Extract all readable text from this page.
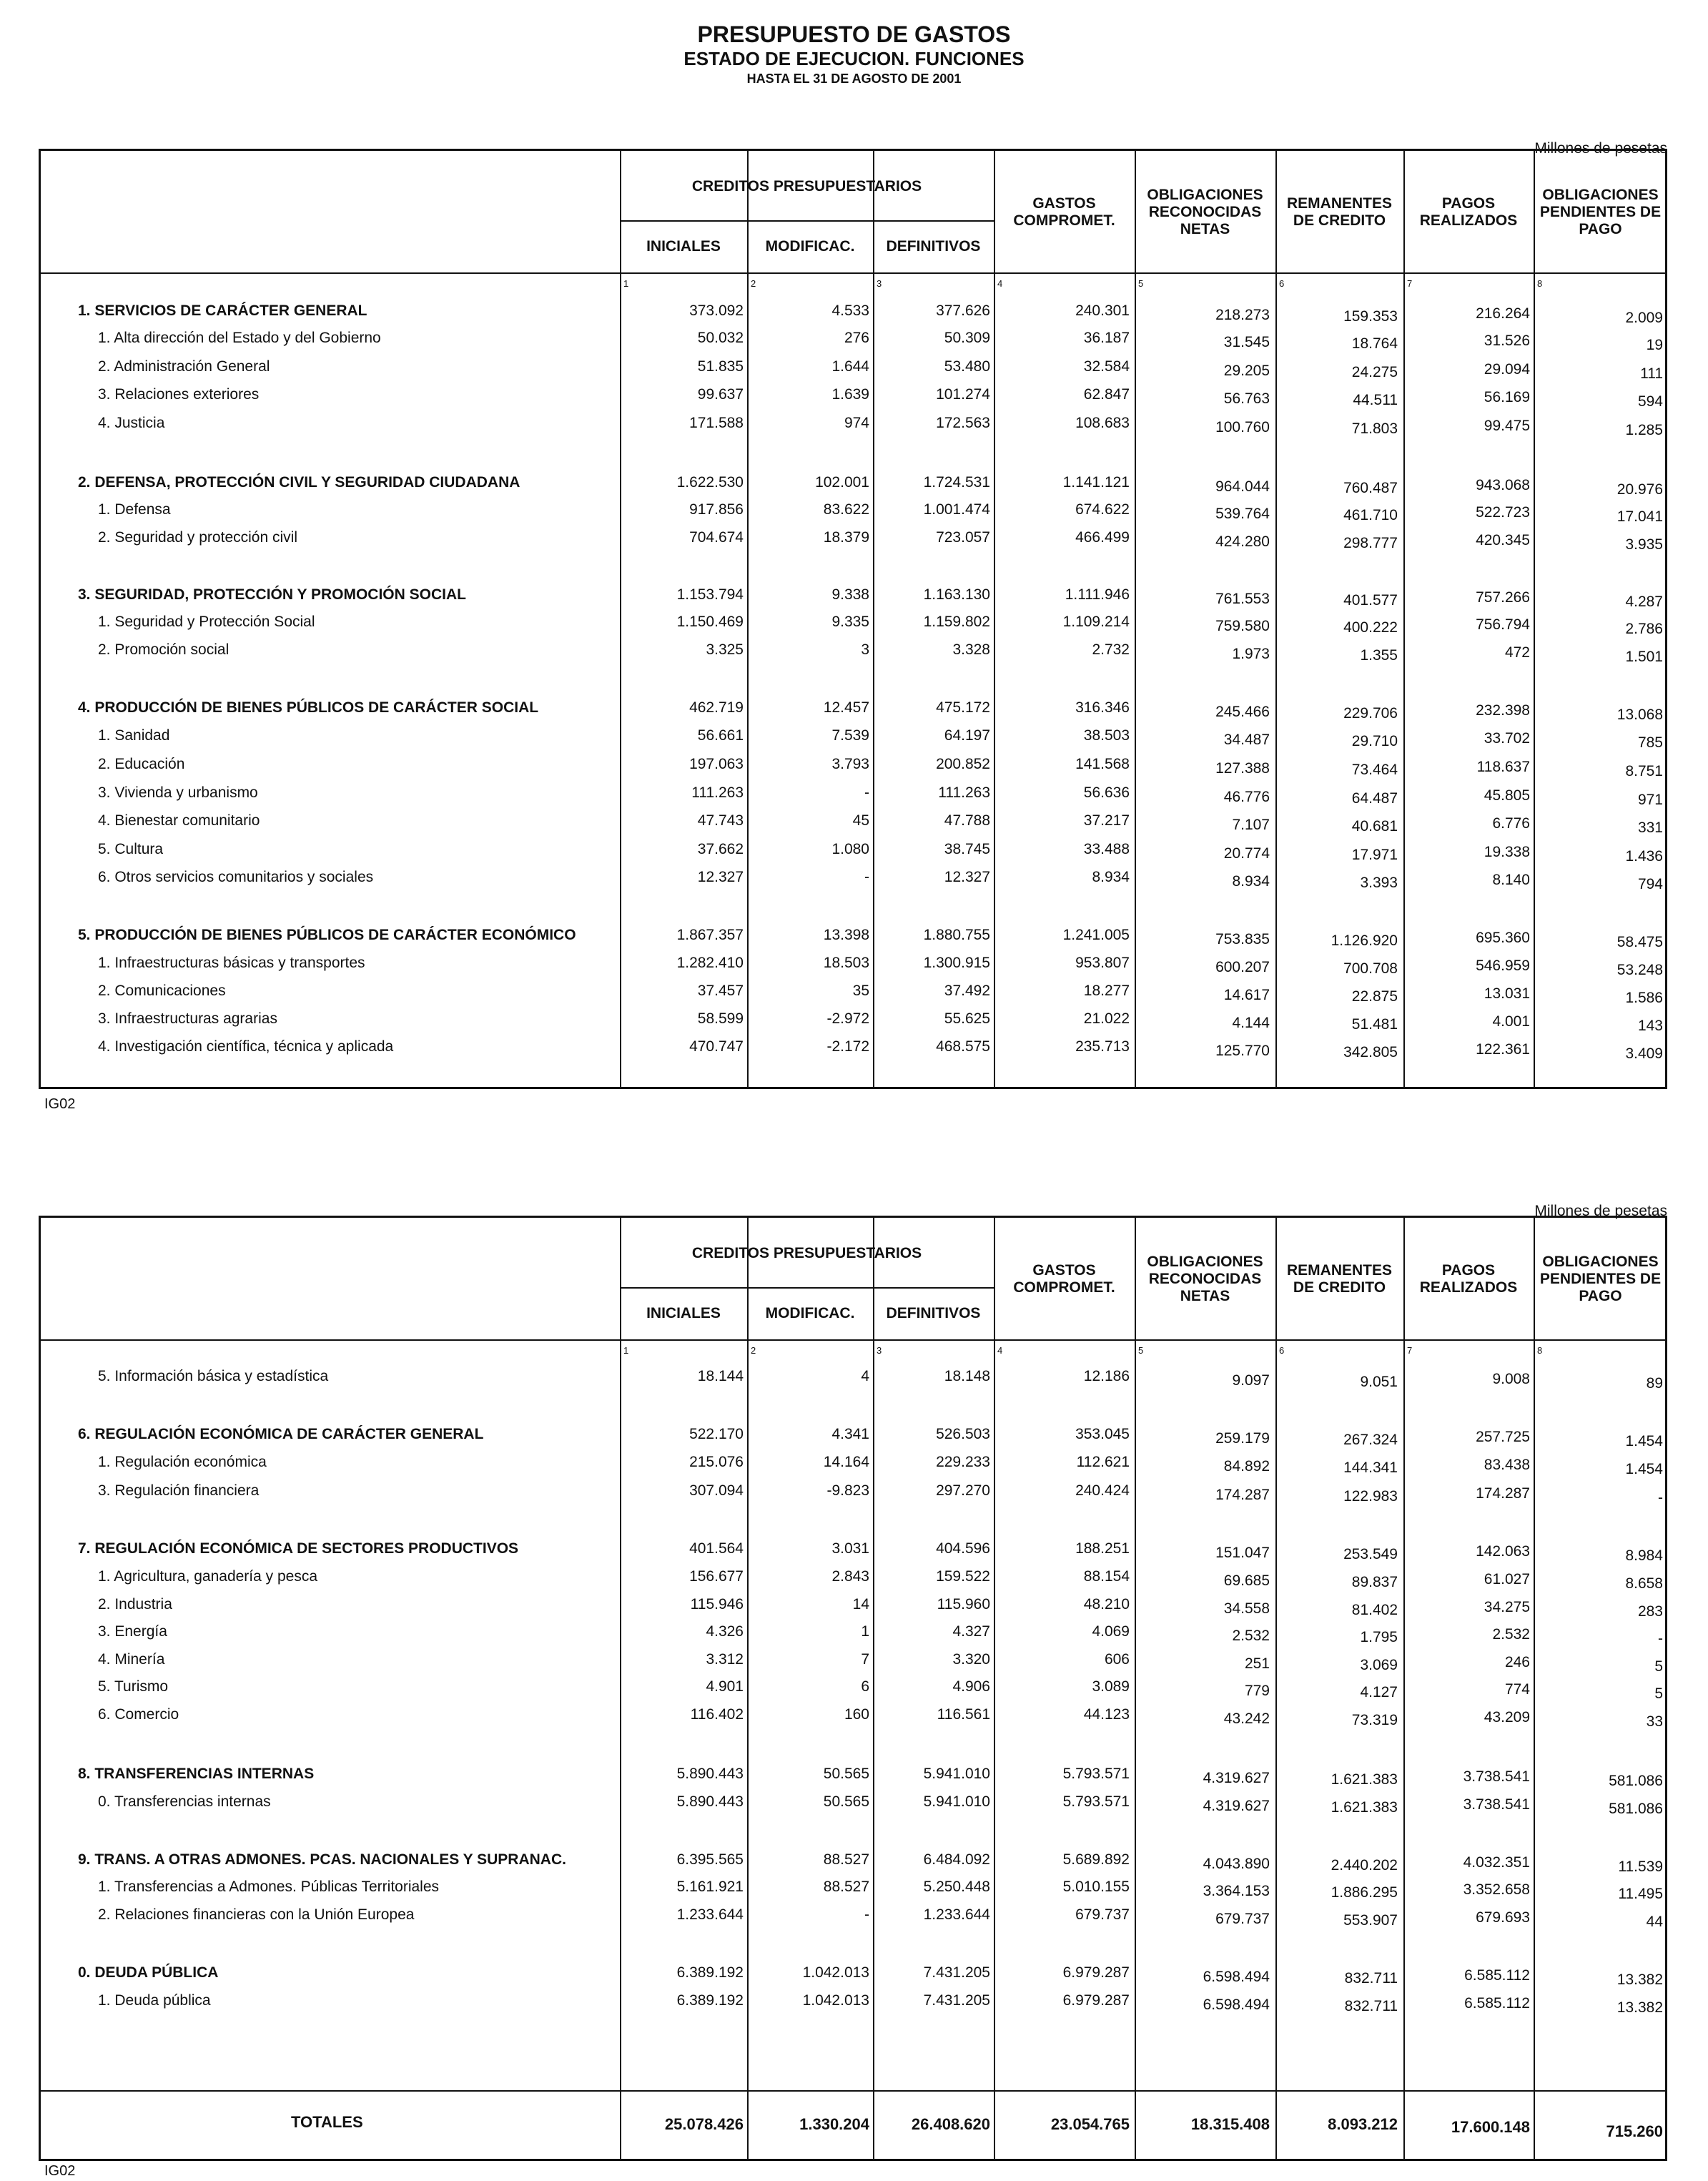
PRESUPUESTO DE GASTOS
ESTADO DE EJECUCION. FUNCIONES
HASTA EL 31 DE AGOSTO DE 2001
Millones de pesetas
CREDITOS PRESUPUESTARIOS
INICIALES	MODIFICAC.	DEFINITIVOS
GASTOS COMPROMET.
OBLIGACIONES RECONOCIDAS NETAS
REMANENTES DE CREDITO
PAGOS REALIZADOS
OBLIGACIONES PENDIENTES DE PAGO
1	2	3	4	5	6	7	8
1. SERVICIOS DE CARÁCTER GENERAL	373.092	4.533	377.626	240.301	218.273	159.353	216.264	2.009
1. Alta dirección del Estado y del Gobierno	50.032	276	50.309	36.187	31.545	18.764	31.526	19
2. Administración General	51.835	1.644	53.480	32.584	29.205	24.275	29.094	111
3. Relaciones exteriores	99.637	1.639	101.274	62.847	56.763	44.511	56.169	594
4. Justicia	171.588	974	172.563	108.683	100.760	71.803	99.475	1.285
2. DEFENSA, PROTECCIÓN CIVIL Y SEGURIDAD CIUDADANA	1.622.530	102.001	1.724.531	1.141.121	964.044	760.487	943.068	20.976
1. Defensa	917.856	83.622	1.001.474	674.622	539.764	461.710	522.723	17.041
2. Seguridad y protección civil	704.674	18.379	723.057	466.499	424.280	298.777	420.345	3.935
3. SEGURIDAD, PROTECCIÓN Y PROMOCIÓN SOCIAL	1.153.794	9.338	1.163.130	1.111.946	761.553	401.577	757.266	4.287
1. Seguridad y Protección Social	1.150.469	9.335	1.159.802	1.109.214	759.580	400.222	756.794	2.786
2. Promoción social	3.325	3	3.328	2.732	1.973	1.355	472	1.501
4. PRODUCCIÓN DE BIENES PÚBLICOS DE CARÁCTER SOCIAL	462.719	12.457	475.172	316.346	245.466	229.706	232.398	13.068
1. Sanidad	56.661	7.539	64.197	38.503	34.487	29.710	33.702	785
2. Educación	197.063	3.793	200.852	141.568	127.388	73.464	118.637	8.751
3. Vivienda y urbanismo	111.263	-	111.263	56.636	46.776	64.487	45.805	971
4. Bienestar comunitario	47.743	45	47.788	37.217	7.107	40.681	6.776	331
5. Cultura	37.662	1.080	38.745	33.488	20.774	17.971	19.338	1.436
6. Otros servicios comunitarios y sociales	12.327	-	12.327	8.934	8.934	3.393	8.140	794
5. PRODUCCIÓN DE BIENES PÚBLICOS DE CARÁCTER ECONÓMICO	1.867.357	13.398	1.880.755	1.241.005	753.835	1.126.920	695.360	58.475
1. Infraestructuras básicas y transportes	1.282.410	18.503	1.300.915	953.807	600.207	700.708	546.959	53.248
2. Comunicaciones	37.457	35	37.492	18.277	14.617	22.875	13.031	1.586
3. Infraestructuras agrarias	58.599	-2.972	55.625	21.022	4.144	51.481	4.001	143
4. Investigación científica, técnica y aplicada	470.747	-2.172	468.575	235.713	125.770	342.805	122.361	3.409
IG02
Millones de pesetas
CREDITOS PRESUPUESTARIOS
INICIALES	MODIFICAC.	DEFINITIVOS
GASTOS COMPROMET.
OBLIGACIONES RECONOCIDAS NETAS
REMANENTES DE CREDITO
PAGOS REALIZADOS
OBLIGACIONES PENDIENTES DE PAGO
1	2	3	4	5	6	7	8
5. Información básica y estadística	18.144	4	18.148	12.186	9.097	9.051	9.008	89
6. REGULACIÓN ECONÓMICA DE CARÁCTER GENERAL	522.170	4.341	526.503	353.045	259.179	267.324	257.725	1.454
1. Regulación económica	215.076	14.164	229.233	112.621	84.892	144.341	83.438	1.454
3. Regulación financiera	307.094	-9.823	297.270	240.424	174.287	122.983	174.287	-
7. REGULACIÓN ECONÓMICA DE SECTORES PRODUCTIVOS	401.564	3.031	404.596	188.251	151.047	253.549	142.063	8.984
1. Agricultura, ganadería y pesca	156.677	2.843	159.522	88.154	69.685	89.837	61.027	8.658
2. Industria	115.946	14	115.960	48.210	34.558	81.402	34.275	283
3. Energía	4.326	1	4.327	4.069	2.532	1.795	2.532	-
4. Minería	3.312	7	3.320	606	251	3.069	246	5
5. Turismo	4.901	6	4.906	3.089	779	4.127	774	5
6. Comercio	116.402	160	116.561	44.123	43.242	73.319	43.209	33
8. TRANSFERENCIAS INTERNAS	5.890.443	50.565	5.941.010	5.793.571	4.319.627	1.621.383	3.738.541	581.086
0. Transferencias internas	5.890.443	50.565	5.941.010	5.793.571	4.319.627	1.621.383	3.738.541	581.086
9. TRANS. A OTRAS ADMONES. PCAS. NACIONALES Y SUPRANAC.	6.395.565	88.527	6.484.092	5.689.892	4.043.890	2.440.202	4.032.351	11.539
1. Transferencias a Admones. Públicas Territoriales	5.161.921	88.527	5.250.448	5.010.155	3.364.153	1.886.295	3.352.658	11.495
2. Relaciones financieras con la Unión Europea	1.233.644	-	1.233.644	679.737	679.737	553.907	679.693	44
0. DEUDA PÚBLICA	6.389.192	1.042.013	7.431.205	6.979.287	6.598.494	832.711	6.585.112	13.382
1. Deuda pública	6.389.192	1.042.013	7.431.205	6.979.287	6.598.494	832.711	6.585.112	13.382
TOTALES	25.078.426	1.330.204	26.408.620	23.054.765	18.315.408	8.093.212	17.600.148	715.260
IG02
